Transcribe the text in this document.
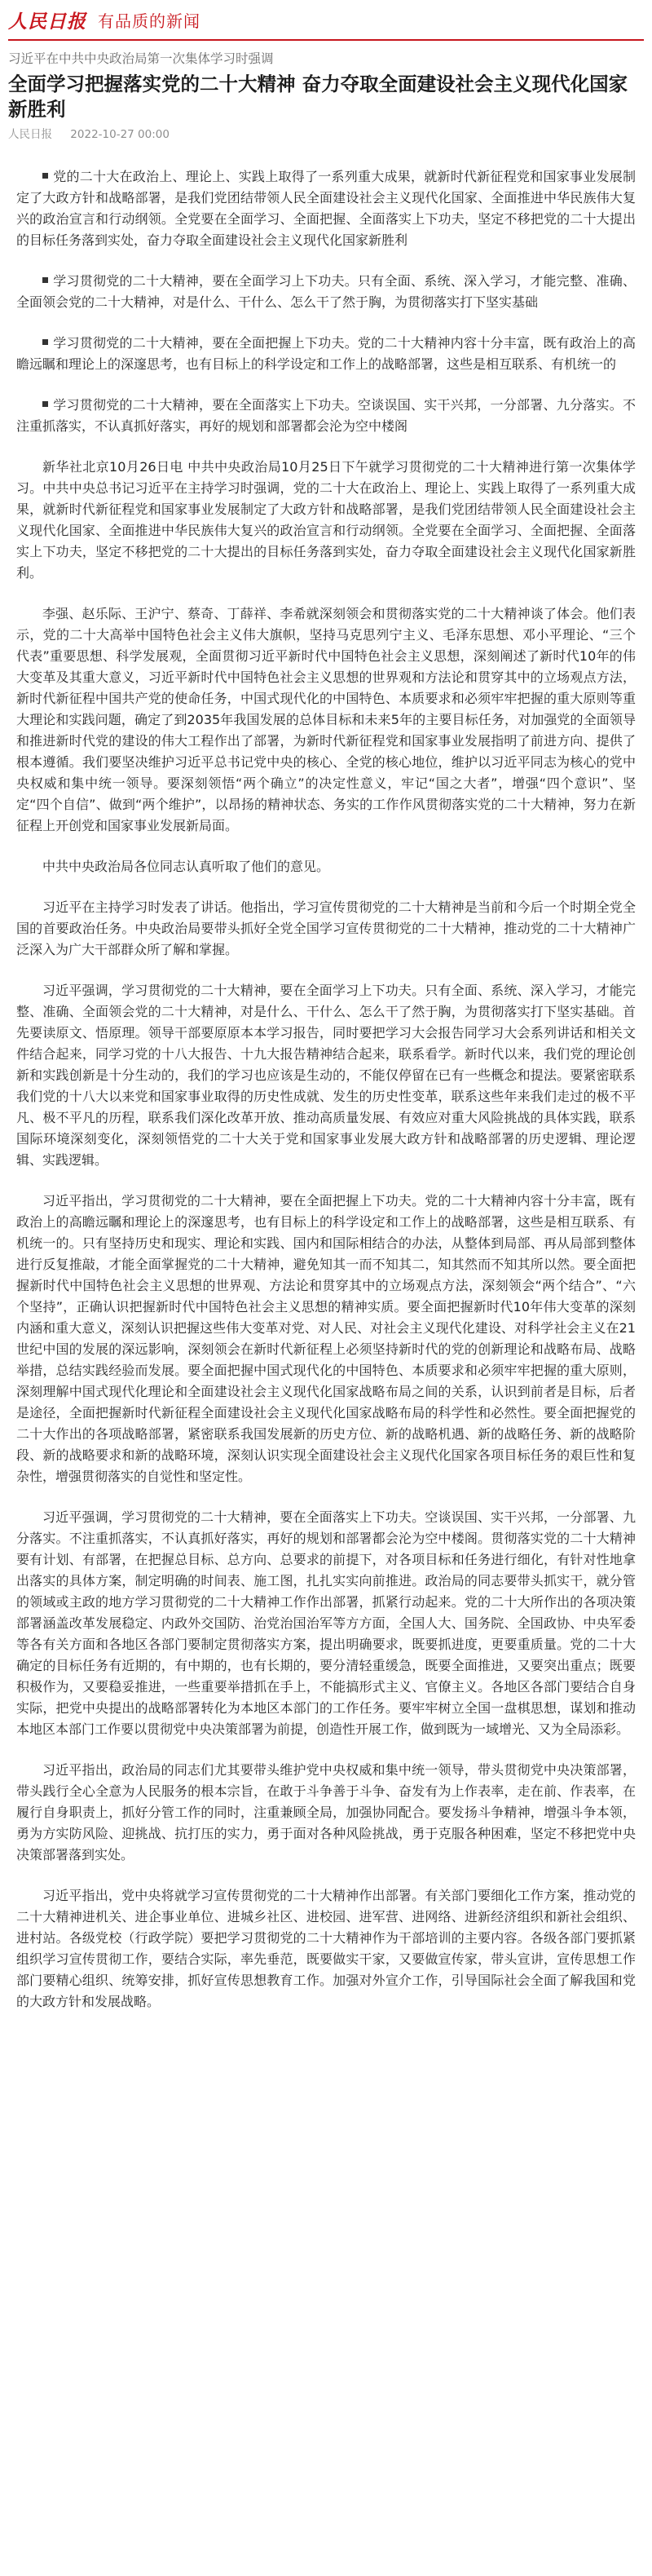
人民日报 有品质的新闻
习近平在中共中央政治局第一次集体学习时强调
全面学习把握落实党的二十大精神 奋力夺取全面建设社会主义现代化国家新胜利
人民日报 2022-10-27 00:00

党的二十大在政治上、理论上、实践上取得了一系列重大成果，就新时代新征程党和国家事业发展制定了大政方针和战略部署，是我们党团结带领人民全面建设社会主义现代化国家、全面推进中华民族伟大复兴的政治宣言和行动纲领。全党要在全面学习、全面把握、全面落实上下功夫，坚定不移把党的二十大提出的目标任务落到实处，奋力夺取全面建设社会主义现代化国家新胜利

学习贯彻党的二十大精神，要在全面学习上下功夫。只有全面、系统、深入学习，才能完整、准确、全面领会党的二十大精神，对是什么、干什么、怎么干了然于胸，为贯彻落实打下坚实基础

学习贯彻党的二十大精神，要在全面把握上下功夫。党的二十大精神内容十分丰富，既有政治上的高瞻远瞩和理论上的深邃思考，也有目标上的科学设定和工作上的战略部署，这些是相互联系、有机统一的

学习贯彻党的二十大精神，要在全面落实上下功夫。空谈误国、实干兴邦，一分部署、九分落实。不注重抓落实，不认真抓好落实，再好的规划和部署都会沦为空中楼阁

新华社北京10月26日电 中共中央政治局10月25日下午就学习贯彻党的二十大精神进行第一次集体学习。中共中央总书记习近平在主持学习时强调，党的二十大在政治上、理论上、实践上取得了一系列重大成果，就新时代新征程党和国家事业发展制定了大政方针和战略部署，是我们党团结带领人民全面建设社会主义现代化国家、全面推进中华民族伟大复兴的政治宣言和行动纲领。全党要在全面学习、全面把握、全面落实上下功夫，坚定不移把党的二十大提出的目标任务落到实处，奋力夺取全面建设社会主义现代化国家新胜利。

李强、赵乐际、王沪宁、蔡奇、丁薛祥、李希就深刻领会和贯彻落实党的二十大精神谈了体会。他们表示，党的二十大高举中国特色社会主义伟大旗帜，坚持马克思列宁主义、毛泽东思想、邓小平理论、“三个代表”重要思想、科学发展观，全面贯彻习近平新时代中国特色社会主义思想，深刻阐述了新时代10年的伟大变革及其重大意义，习近平新时代中国特色社会主义思想的世界观和方法论和贯穿其中的立场观点方法，新时代新征程中国共产党的使命任务，中国式现代化的中国特色、本质要求和必须牢牢把握的重大原则等重大理论和实践问题，确定了到2035年我国发展的总体目标和未来5年的主要目标任务，对加强党的全面领导和推进新时代党的建设的伟大工程作出了部署，为新时代新征程党和国家事业发展指明了前进方向、提供了根本遵循。我们要坚决维护习近平总书记党中央的核心、全党的核心地位，维护以习近平同志为核心的党中央权威和集中统一领导。要深刻领悟“两个确立”的决定性意义，牢记“国之大者”，增强“四个意识”、坚定“四个自信”、做到“两个维护”，以昂扬的精神状态、务实的工作作风贯彻落实党的二十大精神，努力在新征程上开创党和国家事业发展新局面。

中共中央政治局各位同志认真听取了他们的意见。

习近平在主持学习时发表了讲话。他指出，学习宣传贯彻党的二十大精神是当前和今后一个时期全党全国的首要政治任务。中央政治局要带头抓好全党全国学习宣传贯彻党的二十大精神，推动党的二十大精神广泛深入为广大干部群众所了解和掌握。

习近平强调，学习贯彻党的二十大精神，要在全面学习上下功夫。只有全面、系统、深入学习，才能完整、准确、全面领会党的二十大精神，对是什么、干什么、怎么干了然于胸，为贯彻落实打下坚实基础。首先要读原文、悟原理。领导干部要原原本本学习报告，同时要把学习大会报告同学习大会系列讲话和相关文件结合起来，同学习党的十八大报告、十九大报告精神结合起来，联系看学。新时代以来，我们党的理论创新和实践创新是十分生动的，我们的学习也应该是生动的，不能仅停留在已有一些概念和提法。要紧密联系我们党的十八大以来党和国家事业取得的历史性成就、发生的历史性变革，联系这些年来我们走过的极不平凡、极不平凡的历程，联系我们深化改革开放、推动高质量发展、有效应对重大风险挑战的具体实践，联系国际环境深刻变化，深刻领悟党的二十大关于党和国家事业发展大政方针和战略部署的历史逻辑、理论逻辑、实践逻辑。

习近平指出，学习贯彻党的二十大精神，要在全面把握上下功夫。党的二十大精神内容十分丰富，既有政治上的高瞻远瞩和理论上的深邃思考，也有目标上的科学设定和工作上的战略部署，这些是相互联系、有机统一的。只有坚持历史和现实、理论和实践、国内和国际相结合的办法，从整体到局部、再从局部到整体进行反复推敲，才能全面掌握党的二十大精神，避免知其一而不知其二，知其然而不知其所以然。要全面把握新时代中国特色社会主义思想的世界观、方法论和贯穿其中的立场观点方法，深刻领会“两个结合”、“六个坚持”，正确认识把握新时代中国特色社会主义思想的精神实质。要全面把握新时代10年伟大变革的深刻内涵和重大意义，深刻认识把握这些伟大变革对党、对人民、对社会主义现代化建设、对科学社会主义在21世纪中国的发展的深远影响，深刻领会在新时代新征程上必须坚持新时代的党的创新理论和战略布局、战略举措，总结实践经验而发展。要全面把握中国式现代化的中国特色、本质要求和必须牢牢把握的重大原则，深刻理解中国式现代化理论和全面建设社会主义现代化国家战略布局之间的关系，认识到前者是目标，后者是途径，全面把握新时代新征程全面建设社会主义现代化国家战略布局的科学性和必然性。要全面把握党的二十大作出的各项战略部署，紧密联系我国发展新的历史方位、新的战略机遇、新的战略任务、新的战略阶段、新的战略要求和新的战略环境，深刻认识实现全面建设社会主义现代化国家各项目标任务的艰巨性和复杂性，增强贯彻落实的自觉性和坚定性。

习近平强调，学习贯彻党的二十大精神，要在全面落实上下功夫。空谈误国、实干兴邦，一分部署、九分落实。不注重抓落实，不认真抓好落实，再好的规划和部署都会沦为空中楼阁。贯彻落实党的二十大精神要有计划、有部署，在把握总目标、总方向、总要求的前提下，对各项目标和任务进行细化，有针对性地拿出落实的具体方案，制定明确的时间表、施工图，扎扎实实向前推进。政治局的同志要带头抓实干，就分管的领域或主政的地方学习贯彻党的二十大精神工作作出部署，抓紧行动起来。党的二十大所作出的各项决策部署涵盖改革发展稳定、内政外交国防、治党治国治军等方方面，全国人大、国务院、全国政协、中央军委等各有关方面和各地区各部门要制定贯彻落实方案，提出明确要求，既要抓进度，更要重质量。党的二十大确定的目标任务有近期的，有中期的，也有长期的，要分清轻重缓急，既要全面推进，又要突出重点；既要积极作为，又要稳妥推进，一些重要举措抓在手上，不能搞形式主义、官僚主义。各地区各部门要结合自身实际，把党中央提出的战略部署转化为本地区本部门的工作任务。要牢牢树立全国一盘棋思想，谋划和推动本地区本部门工作要以贯彻党中央决策部署为前提，创造性开展工作，做到既为一域增光、又为全局添彩。

习近平指出，政治局的同志们尤其要带头维护党中央权威和集中统一领导，带头贯彻党中央决策部署，带头践行全心全意为人民服务的根本宗旨，在敢于斗争善于斗争、奋发有为上作表率，走在前、作表率，在履行自身职责上，抓好分管工作的同时，注重兼顾全局，加强协同配合。要发扬斗争精神，增强斗争本领，勇为方实防风险、迎挑战、抗打压的实力，勇于面对各种风险挑战，勇于克服各种困难，坚定不移把党中央决策部署落到实处。

习近平指出，党中央将就学习宣传贯彻党的二十大精神作出部署。有关部门要细化工作方案，推动党的二十大精神进机关、进企事业单位、进城乡社区、进校园、进军营、进网络、进新经济组织和新社会组织、进村站。各级党校（行政学院）要把学习贯彻党的二十大精神作为干部培训的主要内容。各级各部门要抓紧组织学习宣传贯彻工作，要结合实际，率先垂范，既要做实干家，又要做宣传家，带头宣讲，宣传思想工作部门要精心组织、统筹安排，抓好宣传思想教育工作。加强对外宣介工作，引导国际社会全面了解我国和党的大政方针和发展战略。
